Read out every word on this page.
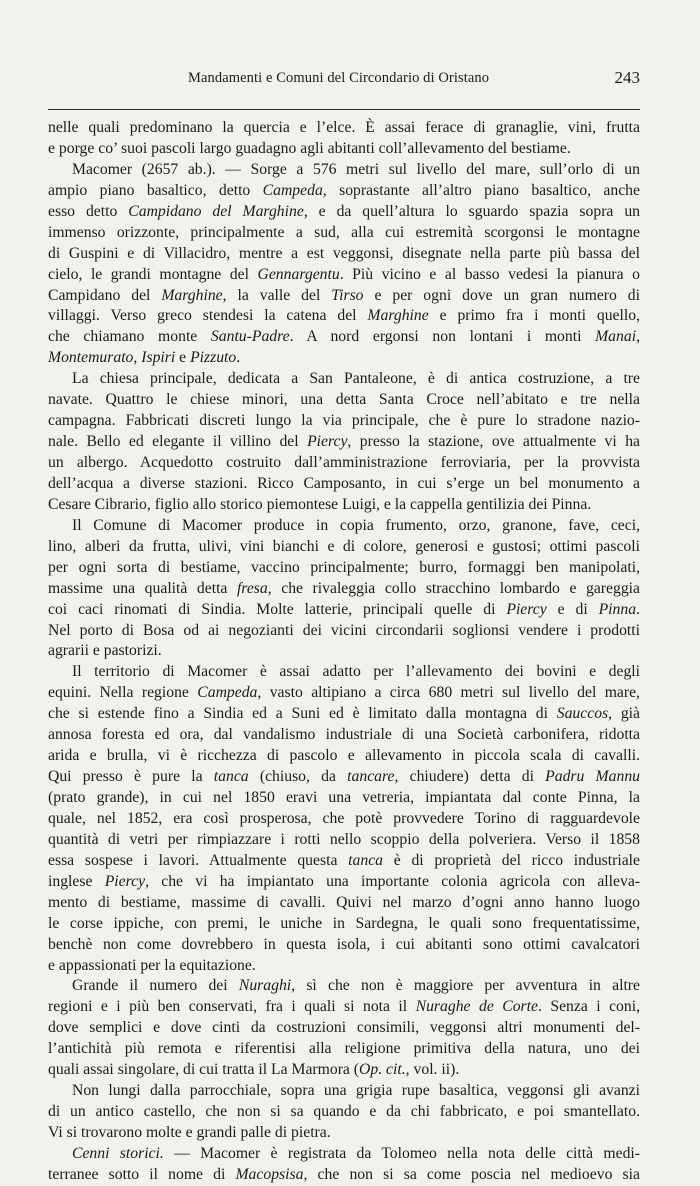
Mandamenti e Comuni del Circondario di Oristano	243
nelle quali predominano la quercia e l’elce. È assai ferace di granaglie, vini, frutta
e porge co’ suoi pascoli largo guadagno agli abitanti coll’allevamento del bestiame.
Macomer (2657 ab.). — Sorge a 576 metri sul livello del mare, sull’orlo di un
ampio piano basaltico, detto Campeda, soprastante all’altro piano basaltico, anche
esso detto Campidano del Marghine, e da quell’altura lo sguardo spazia sopra un
immenso orizzonte, principalmente a sud, alla cui estremità scorgonsi le montagne
di Guspini e di Villacidro, mentre a est veggonsi, disegnate nella parte più bassa del
cielo, le grandi montagne del Gennargentu. Più vicino e al basso vedesi la pianura o
Campidano del Marghine, la valle del Tirso e per ogni dove un gran numero di
villaggi. Verso greco stendesi la catena del Marghine e primo fra i monti quello,
che chiamano monte Santu-Padre. A nord ergonsi non lontani i monti Manai,
Montemurato, Ispiri e Pizzuto.
La chiesa principale, dedicata a San Pantaleone, è di antica costruzione, a tre
navate. Quattro le chiese minori, una detta Santa Croce nell’abitato e tre nella
campagna. Fabbricati discreti lungo la via principale, che è pure lo stradone nazio-
nale. Bello ed elegante il villino del Piercy, presso la stazione, ove attualmente vi ha
un albergo. Acquedotto costruito dall’amministrazione ferroviaria, per la provvista
dell’acqua a diverse stazioni. Ricco Camposanto, in cui s’erge un bel monumento a
Cesare Cibrario, figlio allo storico piemontese Luigi, e la cappella gentilizia dei Pinna.
Il Comune di Macomer produce in copia frumento, orzo, granone, fave, ceci,
lino, alberi da frutta, ulivi, vini bianchi e di colore, generosi e gustosi; ottimi pascoli
per ogni sorta di bestiame, vaccino principalmente; burro, formaggi ben manipolati,
massime una qualità detta fresa, che rivaleggia collo stracchino lombardo e gareggia
coi caci rinomati di Sindia. Molte latterie, principali quelle di Piercy e di Pinna.
Nel porto di Bosa od ai negozianti dei vicini circondarii soglionsi vendere i prodotti
agrarii e pastorizi.
Il territorio di Macomer è assai adatto per l’allevamento dei bovini e degli
equini. Nella regione Campeda, vasto altipiano a circa 680 metri sul livello del mare,
che si estende fino a Sindia ed a Suni ed è limitato dalla montagna di Sauccos, già
annosa foresta ed ora, dal vandalismo industriale di una Società carbonifera, ridotta
arida e brulla, vi è ricchezza di pascolo e allevamento in piccola scala di cavalli.
Qui presso è pure la tanca (chiuso, da tancare, chiudere) detta di Padru Mannu
(prato grande), in cui nel 1850 eravi una vetreria, impiantata dal conte Pinna, la
quale, nel 1852, era così prosperosa, che potè provvedere Torino di ragguardevole
quantità di vetri per rimpiazzare i rotti nello scoppio della polveriera. Verso il 1858
essa sospese i lavori. Attualmente questa tanca è di proprietà del ricco industriale
inglese Piercy, che vi ha impiantato una importante colonia agricola con alleva-
mento di bestiame, massime di cavalli. Quivi nel marzo d’ogni anno hanno luogo
le corse ippiche, con premi, le uniche in Sardegna, le quali sono frequentatissime,
benchè non come dovrebbero in questa isola, i cui abitanti sono ottimi cavalcatori
e appassionati per la equitazione.
Grande il numero dei Nuraghi, sì che non è maggiore per avventura in altre
regioni e i più ben conservati, fra i quali si nota il Nuraghe de Corte. Senza i coni,
dove semplici e dove cinti da costruzioni consimili, veggonsi altri monumenti del-
l’antichità più remota e riferentisi alla religione primitiva della natura, uno dei
quali assai singolare, di cui tratta il La Marmora (Op. cit., vol. ii).
Non lungi dalla parrocchiale, sopra una grigia rupe basaltica, veggonsi gli avanzi
di un antico castello, che non si sa quando e da chi fabbricato, e poi smantellato.
Vi si trovarono molte e grandi palle di pietra.
Cenni storici. — Macomer è registrata da Tolomeo nella nota delle città medi-
terranee sotto il nome di Macopsisa, che non si sa come poscia nel medioevo sia
